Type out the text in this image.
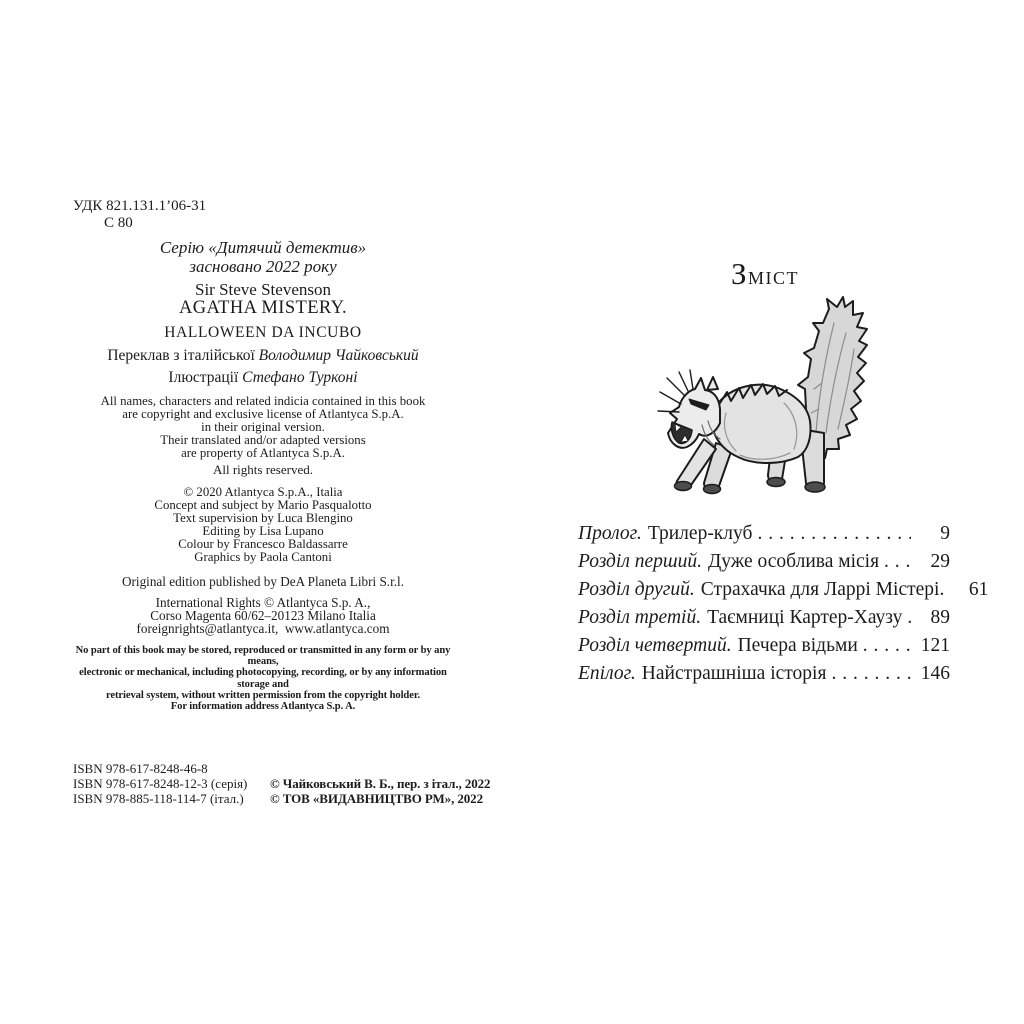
УДК 821.131.1’06-31
С 80
Серію «Дитячий детектив»
засновано 2022 року
Sir Steve Stevenson
AGATHA MISTERY.
HALLOWEEN DA INCUBO
Переклав з італійської Володимир Чайковський
Ілюстрації Стефано Турконі
All names, characters and related indicia contained in this book
are copyright and exclusive license of Atlantyca S.p.A.
in their original version.
Their translated and/or adapted versions
are property of Atlantyca S.p.A.
All rights reserved.
© 2020 Atlantyca S.p.A., Italia
Concept and subject by Mario Pasqualotto
Text supervision by Luca Blengino
Editing by Lisa Lupano
Colour by Francesco Baldassarre
Graphics by Paola Cantoni
Original edition published by DeA Planeta Libri S.r.l.
International Rights © Atlantyca S.p. A.,
Corso Magenta 60/62–20123 Milano Italia
foreignrights@atlantyca.it,  www.atlantyca.com
No part of this book may be stored, reproduced or transmitted in any form or by any means,
electronic or mechanical, including photocopying, recording, or by any information storage and
retrieval system, without written permission from the copyright holder.
For information address Atlantyca S.p. A.
ISBN 978-617-8248-46-8
ISBN 978-617-8248-12-3 (серія)
ISBN 978-885-118-114-7 (італ.)
© Чайковський В. Б., пер. з італ., 2022
© ТОВ «ВИДАВНИЦТВО РМ», 2022
Зміст
Пролог. Трилер-клуб . . .	9
Розділ перший. Дуже особлива місія . . .	29
Розділ другий. Страхачка для Ларрі Містері.	61
Розділ третій. Таємниці Картер-Хаузу . . .	89
Розділ четвертий. Печера відьми . . .	121
Епілог. Найстрашніша історія . . .	146
